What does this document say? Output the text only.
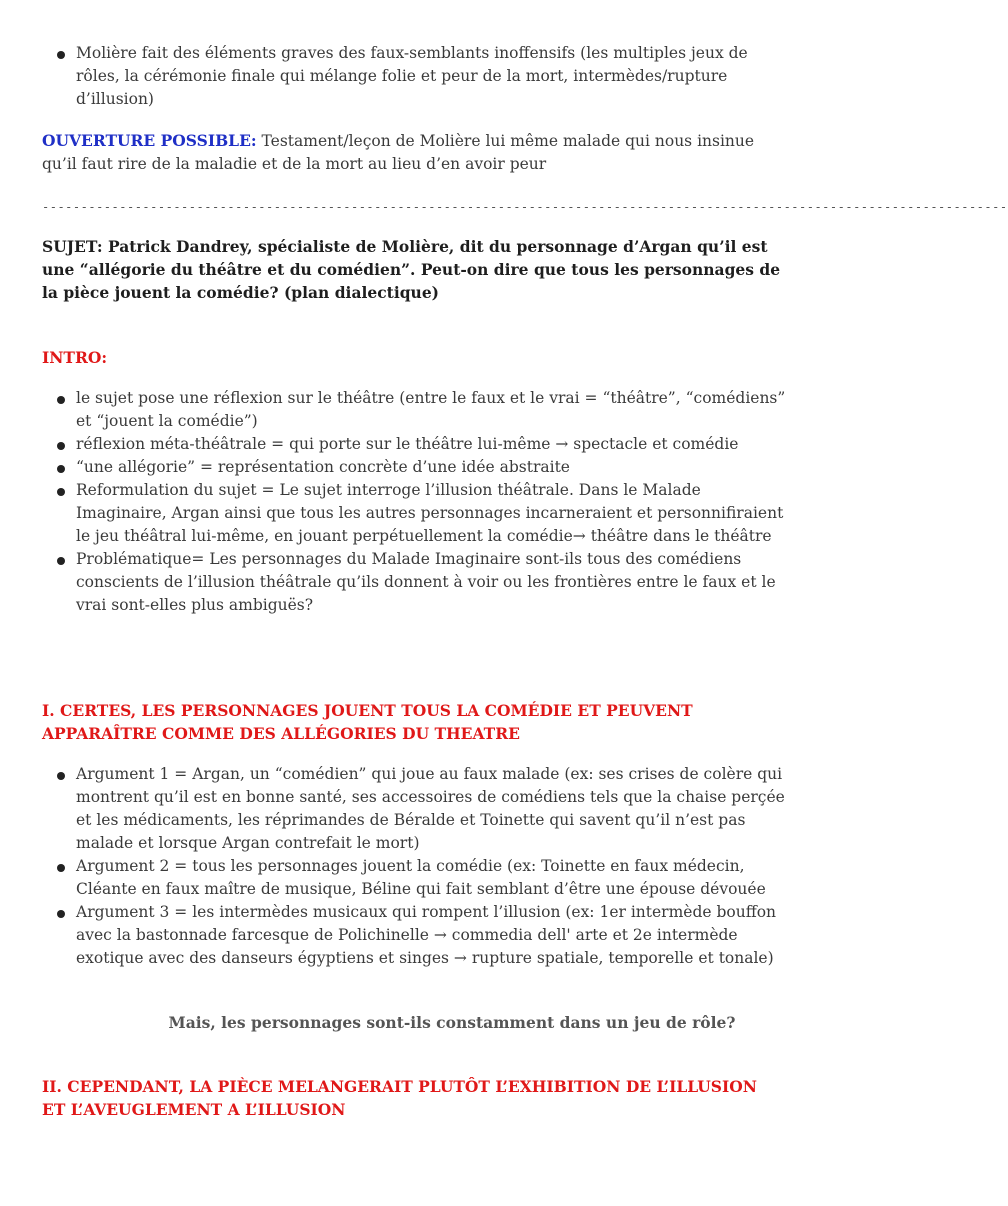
Molière fait des éléments graves des faux-semblants inoffensifs (les multiples jeux de rôles, la cérémonie finale qui mélange folie et peur de la mort, intermèdes/rupture d’illusion)
OUVERTURE POSSIBLE: Testament/leçon de Molière lui même malade qui nous insinue qu’il faut rire de la maladie et de la mort au lieu d’en avoir peur
-----------------------------------------------------------------------------------------------------------------------------
SUJET: Patrick Dandrey, spécialiste de Molière, dit du personnage d’Argan qu’il est une “allégorie du théâtre et du comédien”. Peut-on dire que tous les personnages de la pièce jouent la comédie? (plan dialectique)
INTRO:
le sujet pose une réflexion sur le théâtre (entre le faux et le vrai = “théâtre”, “comédiens” et “jouent la comédie”)
réflexion méta-théâtrale = qui porte sur le théâtre lui-même → spectacle et comédie
“une allégorie” = représentation concrète d’une idée abstraite
Reformulation du sujet = Le sujet interroge l’illusion théâtrale. Dans le Malade Imaginaire, Argan ainsi que tous les autres personnages incarneraient et personnifiraient le jeu théâtral lui-même, en jouant perpétuellement la comédie→ théâtre dans le théâtre
Problématique= Les personnages du Malade Imaginaire sont-ils tous des comédiens conscients de l’illusion théâtrale qu’ils donnent à voir ou les frontières entre le faux et le vrai sont-elles plus ambiguës?
I. CERTES, LES PERSONNAGES JOUENT TOUS LA COMÉDIE ET PEUVENT APPARAÎTRE COMME DES ALLÉGORIES DU THEATRE
Argument 1 = Argan, un “comédien” qui joue au faux malade (ex: ses crises de colère qui montrent qu’il est en bonne santé, ses accessoires de comédiens tels que la chaise perçée et les médicaments, les réprimandes de Béralde et Toinette qui savent qu’il n’est pas malade et lorsque Argan contrefait le mort)
Argument 2 = tous les personnages jouent la comédie (ex: Toinette en faux médecin, Cléante en faux maître de musique, Béline qui fait semblant d’être une épouse dévouée
Argument 3 = les intermèdes musicaux qui rompent l’illusion (ex: 1er intermède bouffon avec la bastonnade farcesque de Polichinelle → commedia dell' arte et 2e intermède exotique avec des danseurs égyptiens et singes → rupture spatiale, temporelle et tonale)
Mais, les personnages sont-ils constamment dans un jeu de rôle?
II. CEPENDANT, LA PIÈCE MELANGERAIT PLUTÔT L’EXHIBITION DE L’ILLUSION ET L’AVEUGLEMENT A L’ILLUSION
